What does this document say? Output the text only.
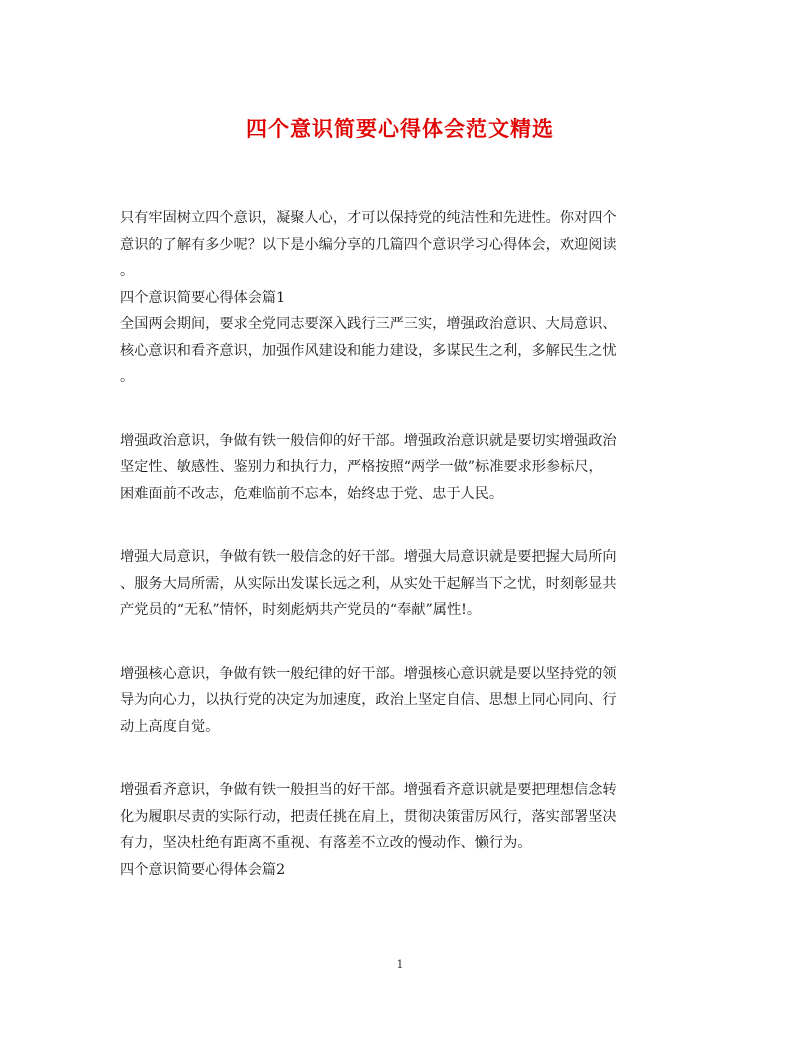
四个意识简要心得体会范文精选
只有牢固树立四个意识，凝聚人心，才可以保持党的纯洁性和先进性。你对四个
意识的了解有多少呢？以下是小编分享的几篇四个意识学习心得体会，欢迎阅读
。
四个意识简要心得体会篇1
全国两会期间，要求全党同志要深入践行三严三实，增强政治意识、大局意识、
核心意识和看齐意识，加强作风建设和能力建设，多谋民生之利，多解民生之忧
。
增强政治意识，争做有铁一般信仰的好干部。增强政治意识就是要切实增强政治
坚定性、敏感性、鉴别力和执行力，严格按照“两学一做”标准要求形参标尺，
困难面前不改志，危难临前不忘本，始终忠于党、忠于人民。
增强大局意识，争做有铁一般信念的好干部。增强大局意识就是要把握大局所向
、服务大局所需，从实际出发谋长远之利，从实处干起解当下之忧，时刻彰显共
产党员的“无私”情怀，时刻彪炳共产党员的“奉献”属性!。
增强核心意识，争做有铁一般纪律的好干部。增强核心意识就是要以坚持党的领
导为向心力，以执行党的决定为加速度，政治上坚定自信、思想上同心同向、行
动上高度自觉。
增强看齐意识，争做有铁一般担当的好干部。增强看齐意识就是要把理想信念转
化为履职尽责的实际行动，把责任挑在肩上，贯彻决策雷厉风行，落实部署坚决
有力，坚决杜绝有距离不重视、有落差不立改的慢动作、懒行为。
四个意识简要心得体会篇2
1
